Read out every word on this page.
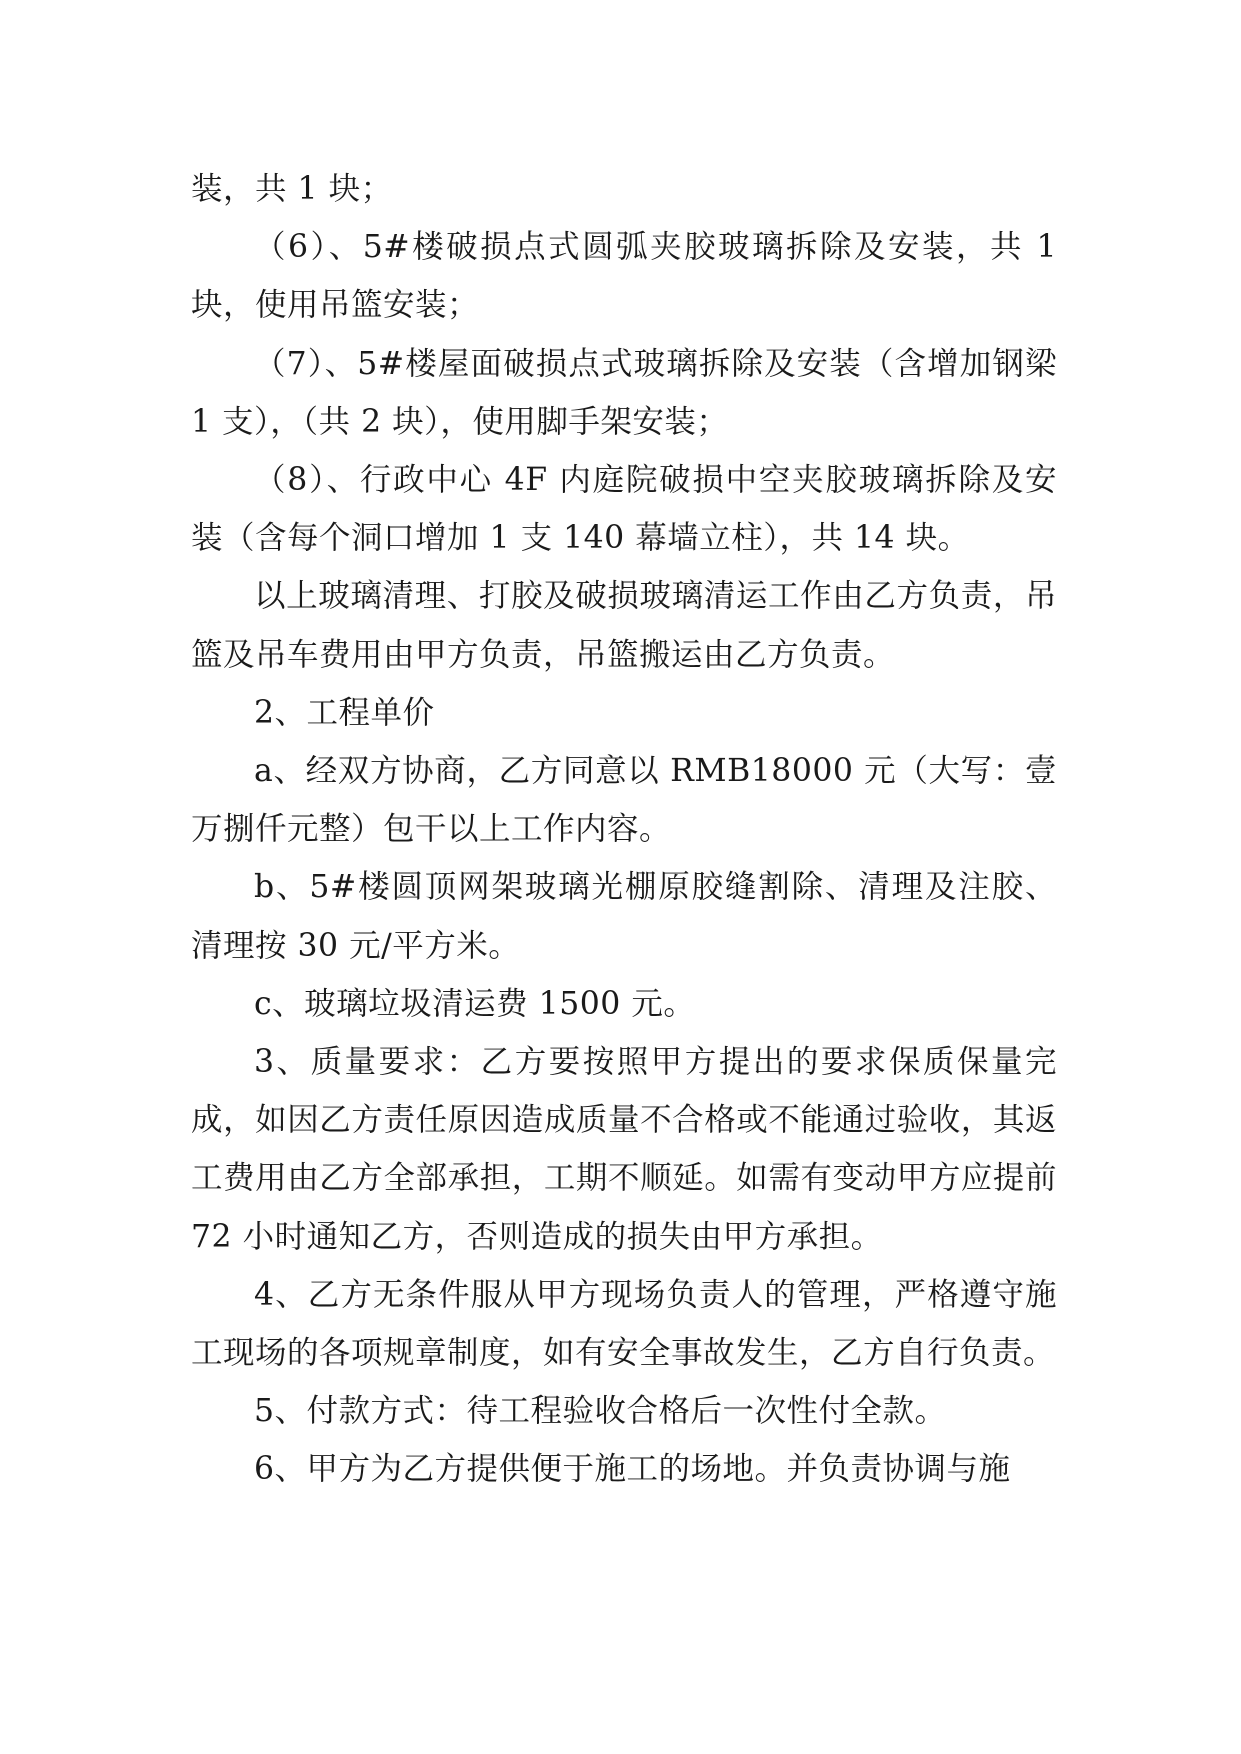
装，共 1 块；

（6）、5#楼破损点式圆弧夹胶玻璃拆除及安装，共 1 块，使用吊篮安装；

（7）、5#楼屋面破损点式玻璃拆除及安装（含增加钢梁 1 支），（共 2 块），使用脚手架安装；

（8）、行政中心 4F 内庭院破损中空夹胶玻璃拆除及安装（含每个洞口增加 1 支 140 幕墙立柱），共 14 块。

以上玻璃清理、打胶及破损玻璃清运工作由乙方负责，吊篮及吊车费用由甲方负责，吊篮搬运由乙方负责。

2、工程单价

a、经双方协商，乙方同意以 RMB18000 元（大写：壹万捌仟元整）包干以上工作内容。

b、5#楼圆顶网架玻璃光棚原胶缝割除、清理及注胶、清理按 30 元/平方米。

c、玻璃垃圾清运费 1500 元。

3、质量要求：乙方要按照甲方提出的要求保质保量完成，如因乙方责任原因造成质量不合格或不能通过验收，其返工费用由乙方全部承担，工期不顺延。如需有变动甲方应提前 72 小时通知乙方，否则造成的损失由甲方承担。

4、乙方无条件服从甲方现场负责人的管理，严格遵守施工现场的各项规章制度，如有安全事故发生，乙方自行负责。

5、付款方式：待工程验收合格后一次性付全款。

6、甲方为乙方提供便于施工的场地。并负责协调与施
